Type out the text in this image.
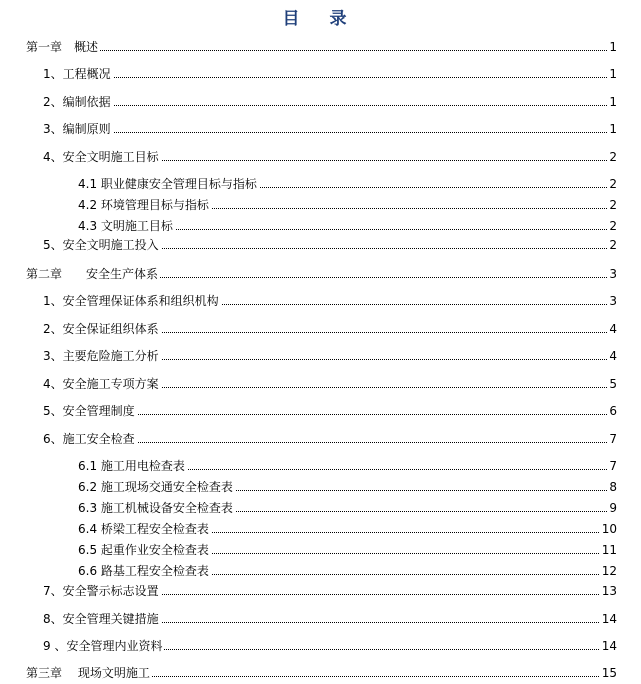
目 录
第一章　概述	1
1、工程概况	1
2、编制依据	1
3、编制原则	1
4、安全文明施工目标	2
4.1 职业健康安全管理目标与指标	2
4.2 环境管理目标与指标	2
4.3 文明施工目标	2
5、安全文明施工投入	2
第二章　　安全生产体系	3
1、安全管理保证体系和组织机构	3
2、安全保证组织体系	4
3、主要危险施工分析	4
4、安全施工专项方案	5
5、安全管理制度	6
6、施工安全检查	7
6.1 施工用电检查表	7
6.2 施工现场交通安全检查表	8
6.3 施工机械设备安全检查表	9
6.4 桥梁工程安全检查表	10
6.5 起重作业安全检查表	11
6.6 路基工程安全检查表	12
7、安全警示标志设置	13
8、安全管理关键措施	14
9 、安全管理内业资料	14
第三章　 现场文明施工	15
